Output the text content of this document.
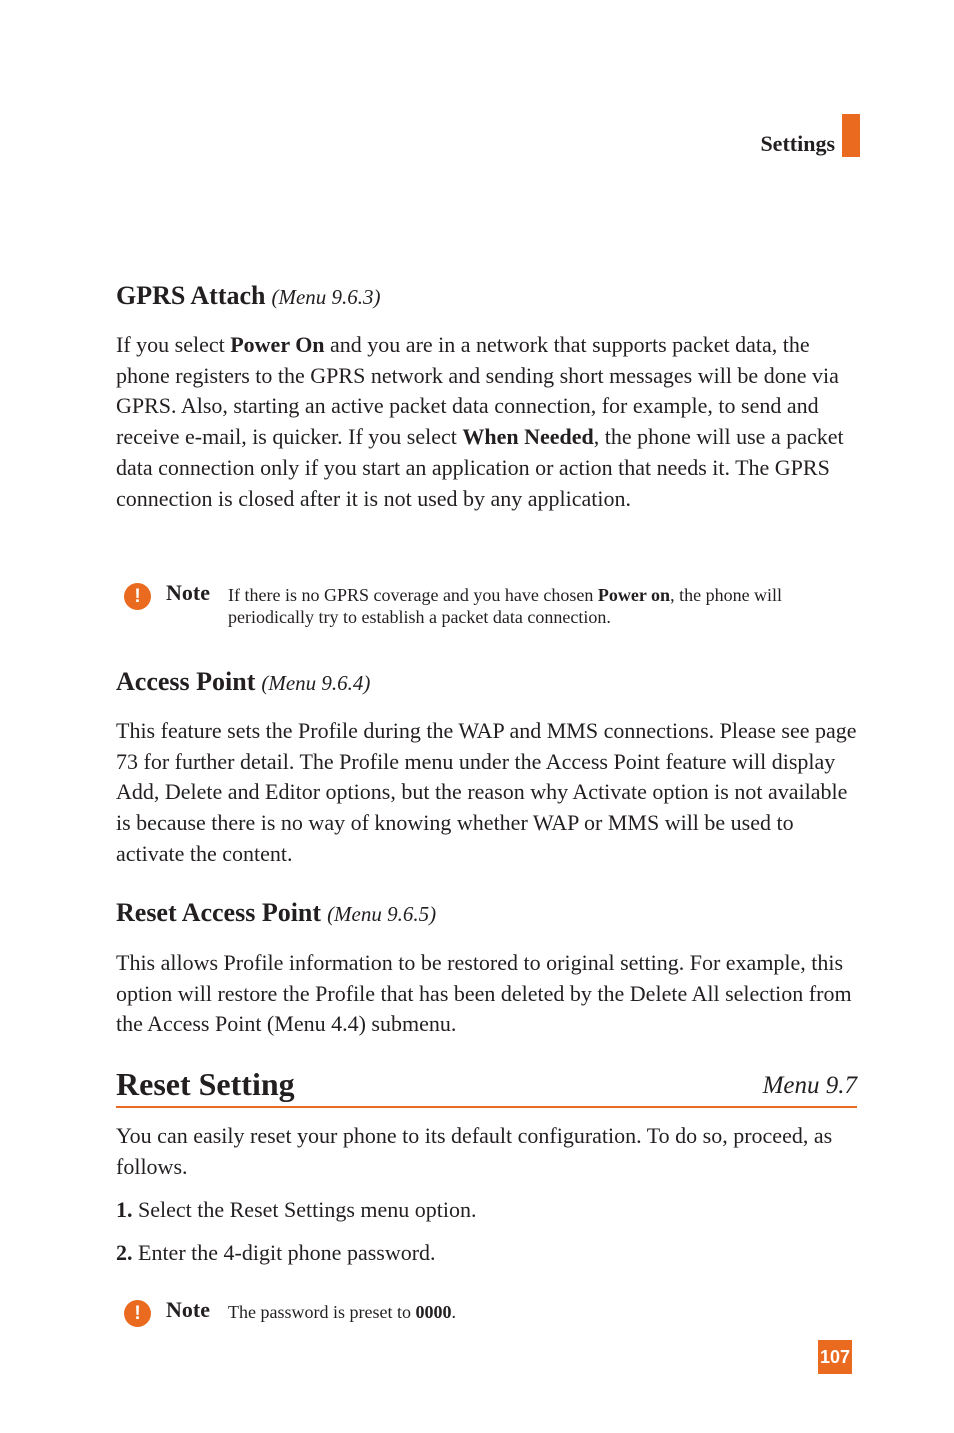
Settings
GPRS Attach (Menu 9.6.3)
If you select Power On and you are in a network that supports packet data, the phone registers to the GPRS network and sending short messages will be done via GPRS. Also, starting an active packet data connection, for example, to send and receive e-mail, is quicker. If you select When Needed, the phone will use a packet data connection only if you start an application or action that needs it. The GPRS connection is closed after it is not used by any application.
!	Note If there is no GPRS coverage and you have chosen Power on, the phone will periodically try to establish a packet data connection.
Access Point (Menu 9.6.4)
This feature sets the Profile during the WAP and MMS connections. Please see page 73 for further detail. The Profile menu under the Access Point feature will display Add, Delete and Editor options, but the reason why Activate option is not available is because there is no way of knowing whether WAP or MMS will be used to activate the content.
Reset Access Point (Menu 9.6.5)
This allows Profile information to be restored to original setting. For example, this option will restore the Profile that has been deleted by the Delete All selection from the Access Point (Menu 4.4) submenu.
Reset Setting	Menu 9.7
You can easily reset your phone to its default configuration. To do so, proceed, as follows.
1. Select the Reset Settings menu option.
2. Enter the 4-digit phone password.
!	Note The password is preset to 0000.
107
